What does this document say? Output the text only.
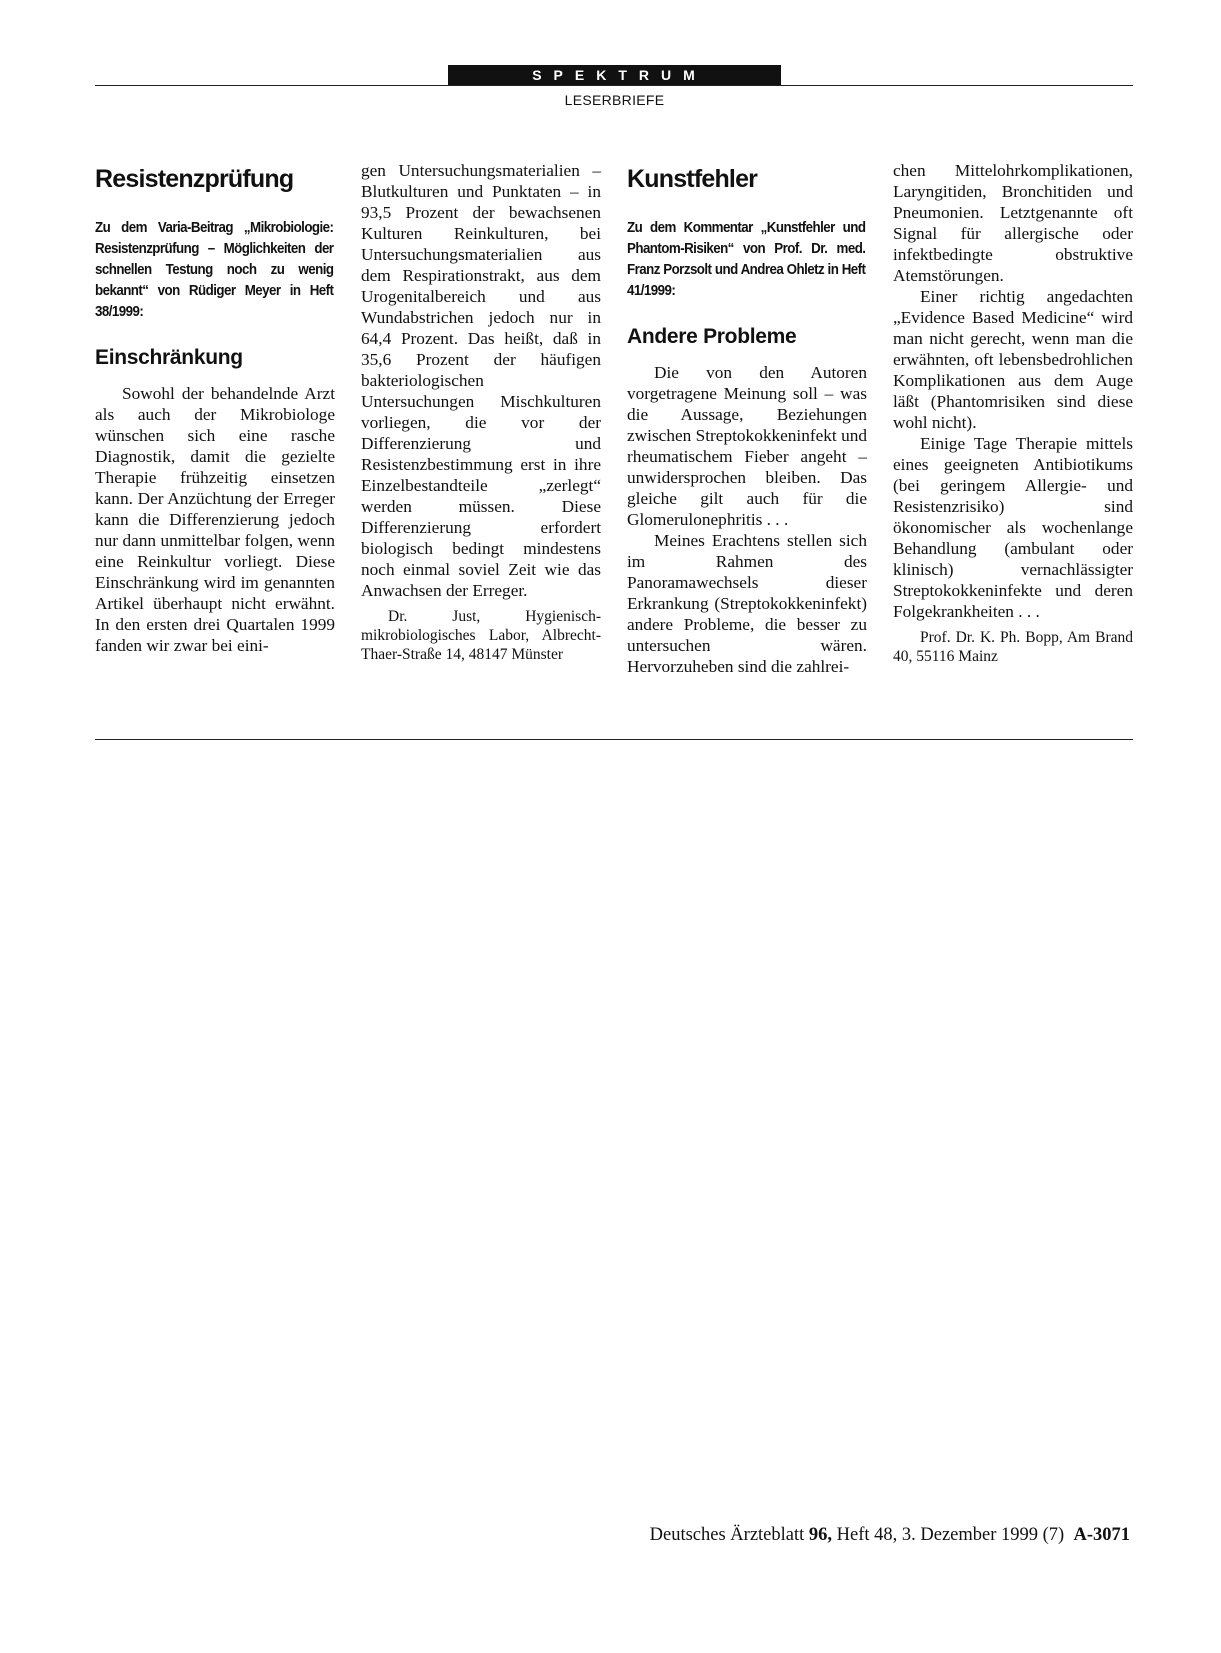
SPEKTRUM
LESERBRIEFE
Resistenzprüfung
Zu dem Varia-Beitrag „Mikrobiologie: Resistenzprüfung – Möglichkeiten der schnellen Testung noch zu wenig bekannt“ von Rüdiger Meyer in Heft 38/1999:
Einschränkung

Sowohl der behandelnde Arzt als auch der Mikrobiologe wünschen sich eine rasche Diagnostik, damit die gezielte Therapie frühzeitig einsetzen kann. Der Anzüchtung der Erreger kann die Differenzierung jedoch nur dann unmittelbar folgen, wenn eine Reinkultur vorliegt. Diese Einschränkung wird im genannten Artikel überhaupt nicht erwähnt. In den ersten drei Quartalen 1999 fanden wir zwar bei eini-

gen Untersuchungsmaterialien – Blutkulturen und Punktaten – in 93,5 Prozent der bewachsenen Kulturen Reinkulturen, bei Untersuchungsmaterialien aus dem Respirationstrakt, aus dem Urogenitalbereich und aus Wundabstrichen jedoch nur in 64,4 Prozent. Das heißt, daß in 35,6 Prozent der häufigen bakteriologischen Untersuchungen Mischkulturen vorliegen, die vor der Differenzierung und Resistenzbestimmung erst in ihre Einzelbestandteile „zerlegt“ werden müssen. Diese Differenzierung erfordert biologisch bedingt mindestens noch einmal soviel Zeit wie das Anwachsen der Erreger.

Dr. Just, Hygienisch-mikrobiologisches Labor, Albrecht-Thaer-Straße 14, 48147 Münster

Kunstfehler
Zu dem Kommentar „Kunstfehler und Phantom-Risiken“ von Prof. Dr. med. Franz Porzsolt und Andrea Ohletz in Heft 41/1999:
Andere Probleme

Die von den Autoren vorgetragene Meinung soll – was die Aussage, Beziehungen zwischen Streptokokkeninfekt und rheumatischem Fieber angeht – unwidersprochen bleiben. Das gleiche gilt auch für die Glomerulonephritis . . .

Meines Erachtens stellen sich im Rahmen des Panoramawechsels dieser Erkrankung (Streptokokkeninfekt) andere Probleme, die besser zu untersuchen wären. Hervorzuheben sind die zahlrei-

chen Mittelohrkomplikationen, Laryngitiden, Bronchitiden und Pneumonien. Letztgenannte oft Signal für allergische oder infektbedingte obstruktive Atemstörungen.

Einer richtig angedachten „Evidence Based Medicine“ wird man nicht gerecht, wenn man die erwähnten, oft lebensbedrohlichen Komplikationen aus dem Auge läßt (Phantomrisiken sind diese wohl nicht).

Einige Tage Therapie mittels eines geeigneten Antibiotikums (bei geringem Allergie- und Resistenzrisiko) sind ökonomischer als wochenlange Behandlung (ambulant oder klinisch) vernachlässigter Streptokokkeninfekte und deren Folgekrankheiten . . .

Prof. Dr. K. Ph. Bopp, Am Brand 40, 55116 Mainz

Deutsches Ärzteblatt 96, Heft 48, 3. Dezember 1999 (7) A-3071
